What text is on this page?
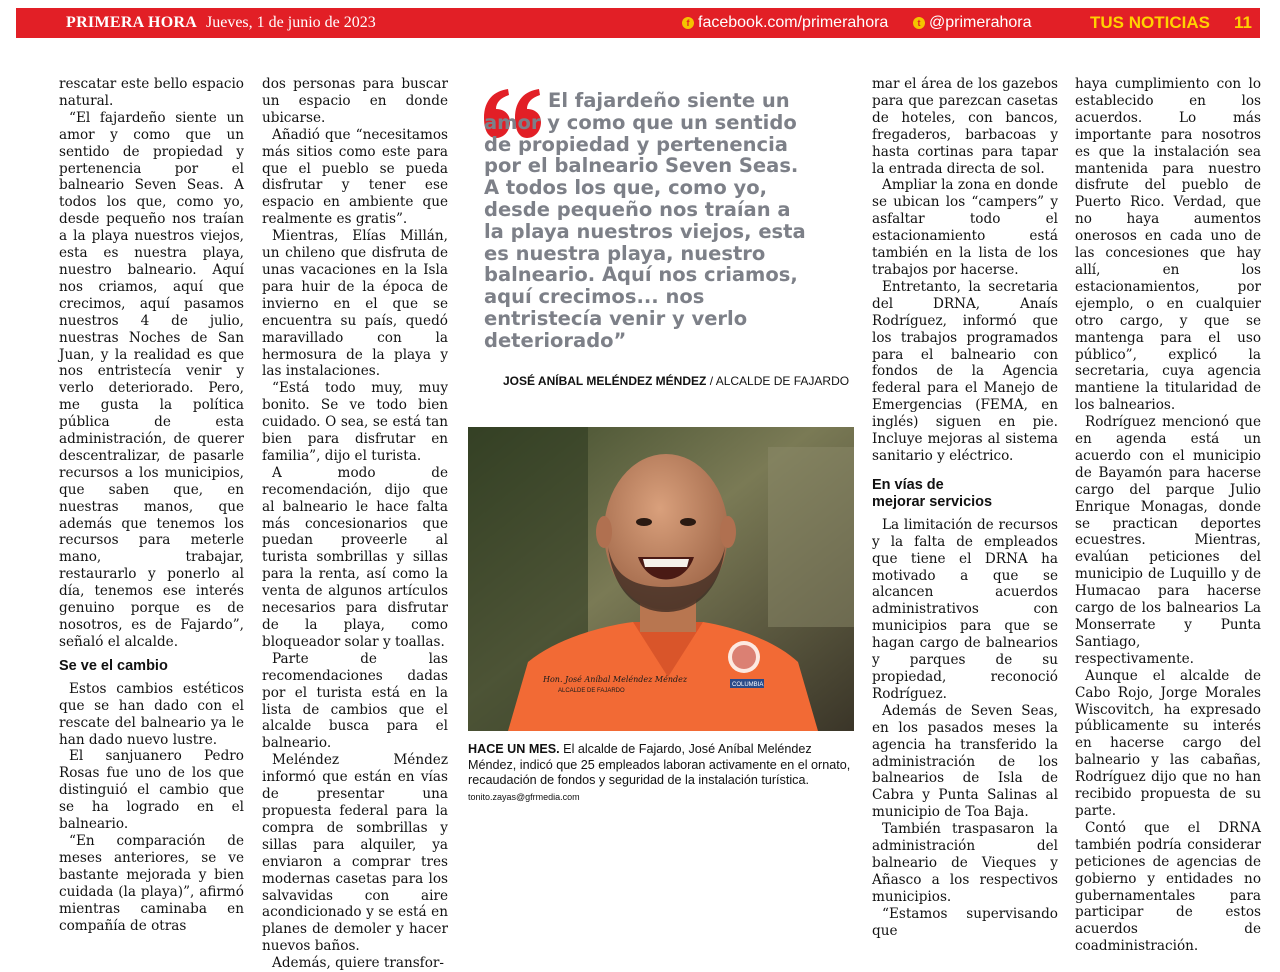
PRIMERA HORA Jueves, 1 de junio de 2023	f facebook.com/primerahora	t @primerahora	TUS NOTICIAS 11

rescatar este bello espacio natural.

“El fajardeño siente un amor y como que un sentido de propiedad y pertenencia por el balneario Seven Seas. A todos los que, como yo, desde pequeño nos traían a la playa nuestros viejos, esta es nuestra playa, nuestro balneario. Aquí nos criamos, aquí que crecimos, aquí pasamos nuestros 4 de julio, nuestras Noches de San Juan, y la realidad es que nos entristecía venir y verlo deteriorado. Pero, me gusta la política pública de esta administración, de querer descentralizar, de pasarle recursos a los municipios, que saben que, en nuestras manos, que además que tenemos los recursos para meterle mano, trabajar, restaurarlo y ponerlo al día, tenemos ese interés genuino porque es de nosotros, es de Fajardo”, señaló el alcalde.

Se ve el cambio

Estos cambios estéticos que se han dado con el rescate del balneario ya le han dado nuevo lustre.

El sanjuanero Pedro Rosas fue uno de los que distinguió el cambio que se ha logrado en el balneario.

“En comparación de meses anteriores, se ve bastante mejorada y bien cuidada (la playa)”, afirmó mientras caminaba en compañía de otras

dos personas para buscar un espacio en donde ubicarse.

Añadió que “necesitamos más sitios como este para que el pueblo se pueda disfrutar y tener ese espacio en ambiente que realmente es gratis”.

Mientras, Elías Millán, un chileno que disfruta de unas vacaciones en la Isla para huir de la época de invierno en el que se encuentra su país, quedó maravillado con la hermosura de la playa y las instalaciones.

“Está todo muy, muy bonito. Se ve todo bien cuidado. O sea, se está tan bien para disfrutar en familia”, dijo el turista.

A modo de recomendación, dijo que al balneario le hace falta más concesionarios que puedan proveerle al turista sombrillas y sillas para la renta, así como la venta de algunos artículos necesarios para disfrutar de la playa, como bloqueador solar y toallas.

Parte de las recomendaciones dadas por el turista está en la lista de cambios que el alcalde busca para el balneario.

Meléndez Méndez informó que están en vías de presentar una propuesta federal para la compra de sombrillas y sillas para alquiler, ya enviaron a comprar tres modernas casetas para los salvavidas con aire acondicionado y se está en planes de demoler y hacer nuevos baños.

Además, quiere transfor-

El fajardeño siente un amor y como que un sentido de propiedad y pertenencia por el balneario Seven Seas. A todos los que, como yo, desde pequeño nos traían a la playa nuestros viejos, esta es nuestra playa, nuestro balneario. Aquí nos criamos, aquí crecimos... nos entristecía venir y verlo deteriorado”
JOSÉ ANÍBAL MELÉNDEZ MÉNDEZ / ALCALDE DE FAJARDO
Hon. José Aníbal Meléndez Méndez
ALCALDE DE FAJARDO
COLUMBIA
HACE UN MES. El alcalde de Fajardo, José Aníbal Meléndez Méndez, indicó que 25 empleados laboran activamente en el ornato, recaudación de fondos y seguridad de la instalación turística. tonito.zayas@gfrmedia.com

mar el área de los gazebos para que parezcan casetas de hoteles, con bancos, fregaderos, barbacoas y hasta cortinas para tapar la entrada directa de sol.

Ampliar la zona en donde se ubican los “campers” y asfaltar todo el estacionamiento está también en la lista de los trabajos por hacerse.

Entretanto, la secretaria del DRNA, Anaís Rodríguez, informó que los trabajos programados para el balneario con fondos de la Agencia federal para el Manejo de Emergencias (FEMA, en inglés) siguen en pie. Incluye mejoras al sistema sanitario y eléctrico.

En vías de
mejorar servicios

La limitación de recursos y la falta de empleados que tiene el DRNA ha motivado a que se alcancen acuerdos administrativos con municipios para que se hagan cargo de balnearios y parques de su propiedad, reconoció Rodríguez.

Además de Seven Seas, en los pasados meses la agencia ha transferido la administración de los balnearios de Isla de Cabra y Punta Salinas al municipio de Toa Baja.

También traspasaron la administración del balneario de Vieques y Añasco a los respectivos municipios.

“Estamos supervisando que

haya cumplimiento con lo establecido en los acuerdos. Lo más importante para nosotros es que la instalación sea mantenida para nuestro disfrute del pueblo de Puerto Rico. Verdad, que no haya aumentos onerosos en cada uno de las concesiones que hay allí, en los estacionamientos, por ejemplo, o en cualquier otro cargo, y que se mantenga para el uso público”, explicó la secretaria, cuya agencia mantiene la titularidad de los balnearios.

Rodríguez mencionó que en agenda está un acuerdo con el municipio de Bayamón para hacerse cargo del parque Julio Enrique Monagas, donde se practican deportes ecuestres. Mientras, evalúan peticiones del municipio de Luquillo y de Humacao para hacerse cargo de los balnearios La Monserrate y Punta Santiago, respectivamente.

Aunque el alcalde de Cabo Rojo, Jorge Morales Wiscovitch, ha expresado públicamente su interés en hacerse cargo del balneario y las cabañas, Rodríguez dijo que no han recibido propuesta de su parte.

Contó que el DRNA también podría considerar peticiones de agencias de gobierno y entidades no gubernamentales para participar de estos acuerdos de coadministración.
